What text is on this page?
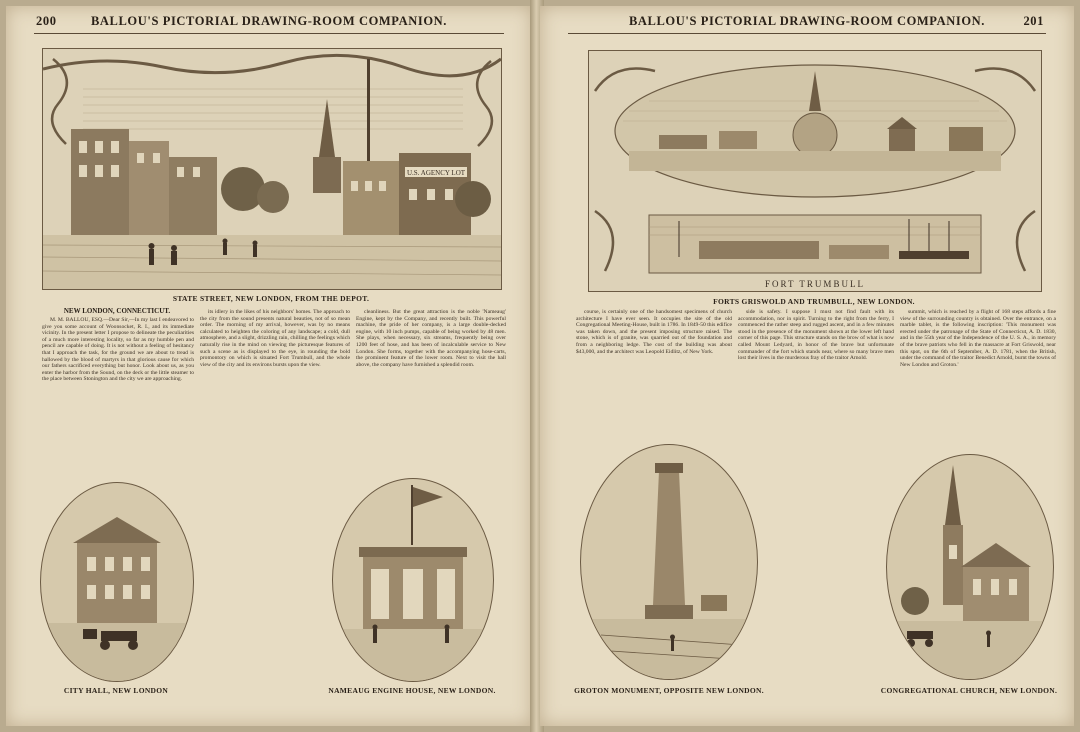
200	BALLOU'S PICTORIAL DRAWING-ROOM COMPANION.
U.S. AGENCY LOT
STATE STREET, NEW LONDON, FROM THE DEPOT.
NEW LONDON, CONNECTICUT.

M. M. BALLOU, ESQ.—Dear Sir,—In my last I endeavored to give you some account of Woonsocket, R. I., and its immediate vicinity. In the present letter I propose to delineate the peculiarities of a much more interesting locality, so far as my humble pen and pencil are capable of doing. It is not without a feeling of hesitancy that I approach the task, for the ground we are about to tread is hallowed by the blood of martyrs in that glorious cause for which our fathers sacrificed everything but honor. Look about us, as you enter the harbor from the Sound, on the deck or the little steamer to the place between Stonington and the city we are approaching.

its idlery in the likes of his neighbors' homes. The approach to the city from the sound presents natural beauties, not of so mean order. The morning of my arrival, however, was by no means calculated to heighten the coloring of any landscape; a cold, dull atmosphere, and a slight, drizzling rain, chilling the feelings which naturally rise in the mind on viewing the picturesque features of such a scene as is displayed to the eye, in rounding the bold promontory on which is situated Fort Trumbull, and the whole view of the city and its environs bursts upon the view.

cleanliness. But the great attraction is the noble 'Nameaug' Engine, kept by the Company, and recently built. This powerful machine, the pride of her company, is a large double-decked engine, with 10 inch pumps, capable of being worked by 48 men. She plays, when necessary, six streams, frequently being over 1200 feet of hose, and has been of incalculable service to New London. She forms, together with the accompanying hose-carts, the prominent feature of the lower room. Next to visit the hall above, the company have furnished a splendid room.

CITY HALL, NEW LONDON	NAMEAUG ENGINE HOUSE, NEW LONDON.
BALLOU'S PICTORIAL DRAWING-ROOM COMPANION.	201
FORT TRUMBULL
FORTS GRISWOLD AND TRUMBULL, NEW LONDON.

course, is certainly one of the handsomest specimens of church architecture I have ever seen. It occupies the site of the old Congregational Meeting-House, built in 1786. In 1849-50 this edifice was taken down, and the present imposing structure raised. The stone, which is of granite, was quarried out of the foundation and from a neighboring ledge. The cost of the building was about $43,000, and the architect was Leopold Eidlitz, of New York.

side is safety. I suppose I must not find fault with its accommodation, nor in spirit. Turning to the right from the ferry, I commenced the rather steep and rugged ascent, and in a few minutes stood in the presence of the monument shown at the lower left hand corner of this page. This structure stands on the brow of what is now called Mount Ledyard, in honor of the brave but unfortunate commander of the fort which stands near, where so many brave men lost their lives in the murderous fray of the traitor Arnold.

summit, which is reached by a flight of 168 steps affords a fine view of the surrounding country is obtained. Over the entrance, on a marble tablet, is the following inscription: 'This monument was erected under the patronage of the State of Connecticut, A. D. 1830, and in the 55th year of the Independence of the U. S. A., in memory of the brave patriots who fell in the massacre at Fort Griswold, near this spot, on the 6th of September, A. D. 1781, when the British, under the command of the traitor Benedict Arnold, burnt the towns of New London and Groton.'

GROTON MONUMENT, OPPOSITE NEW LONDON.	CONGREGATIONAL CHURCH, NEW LONDON.
